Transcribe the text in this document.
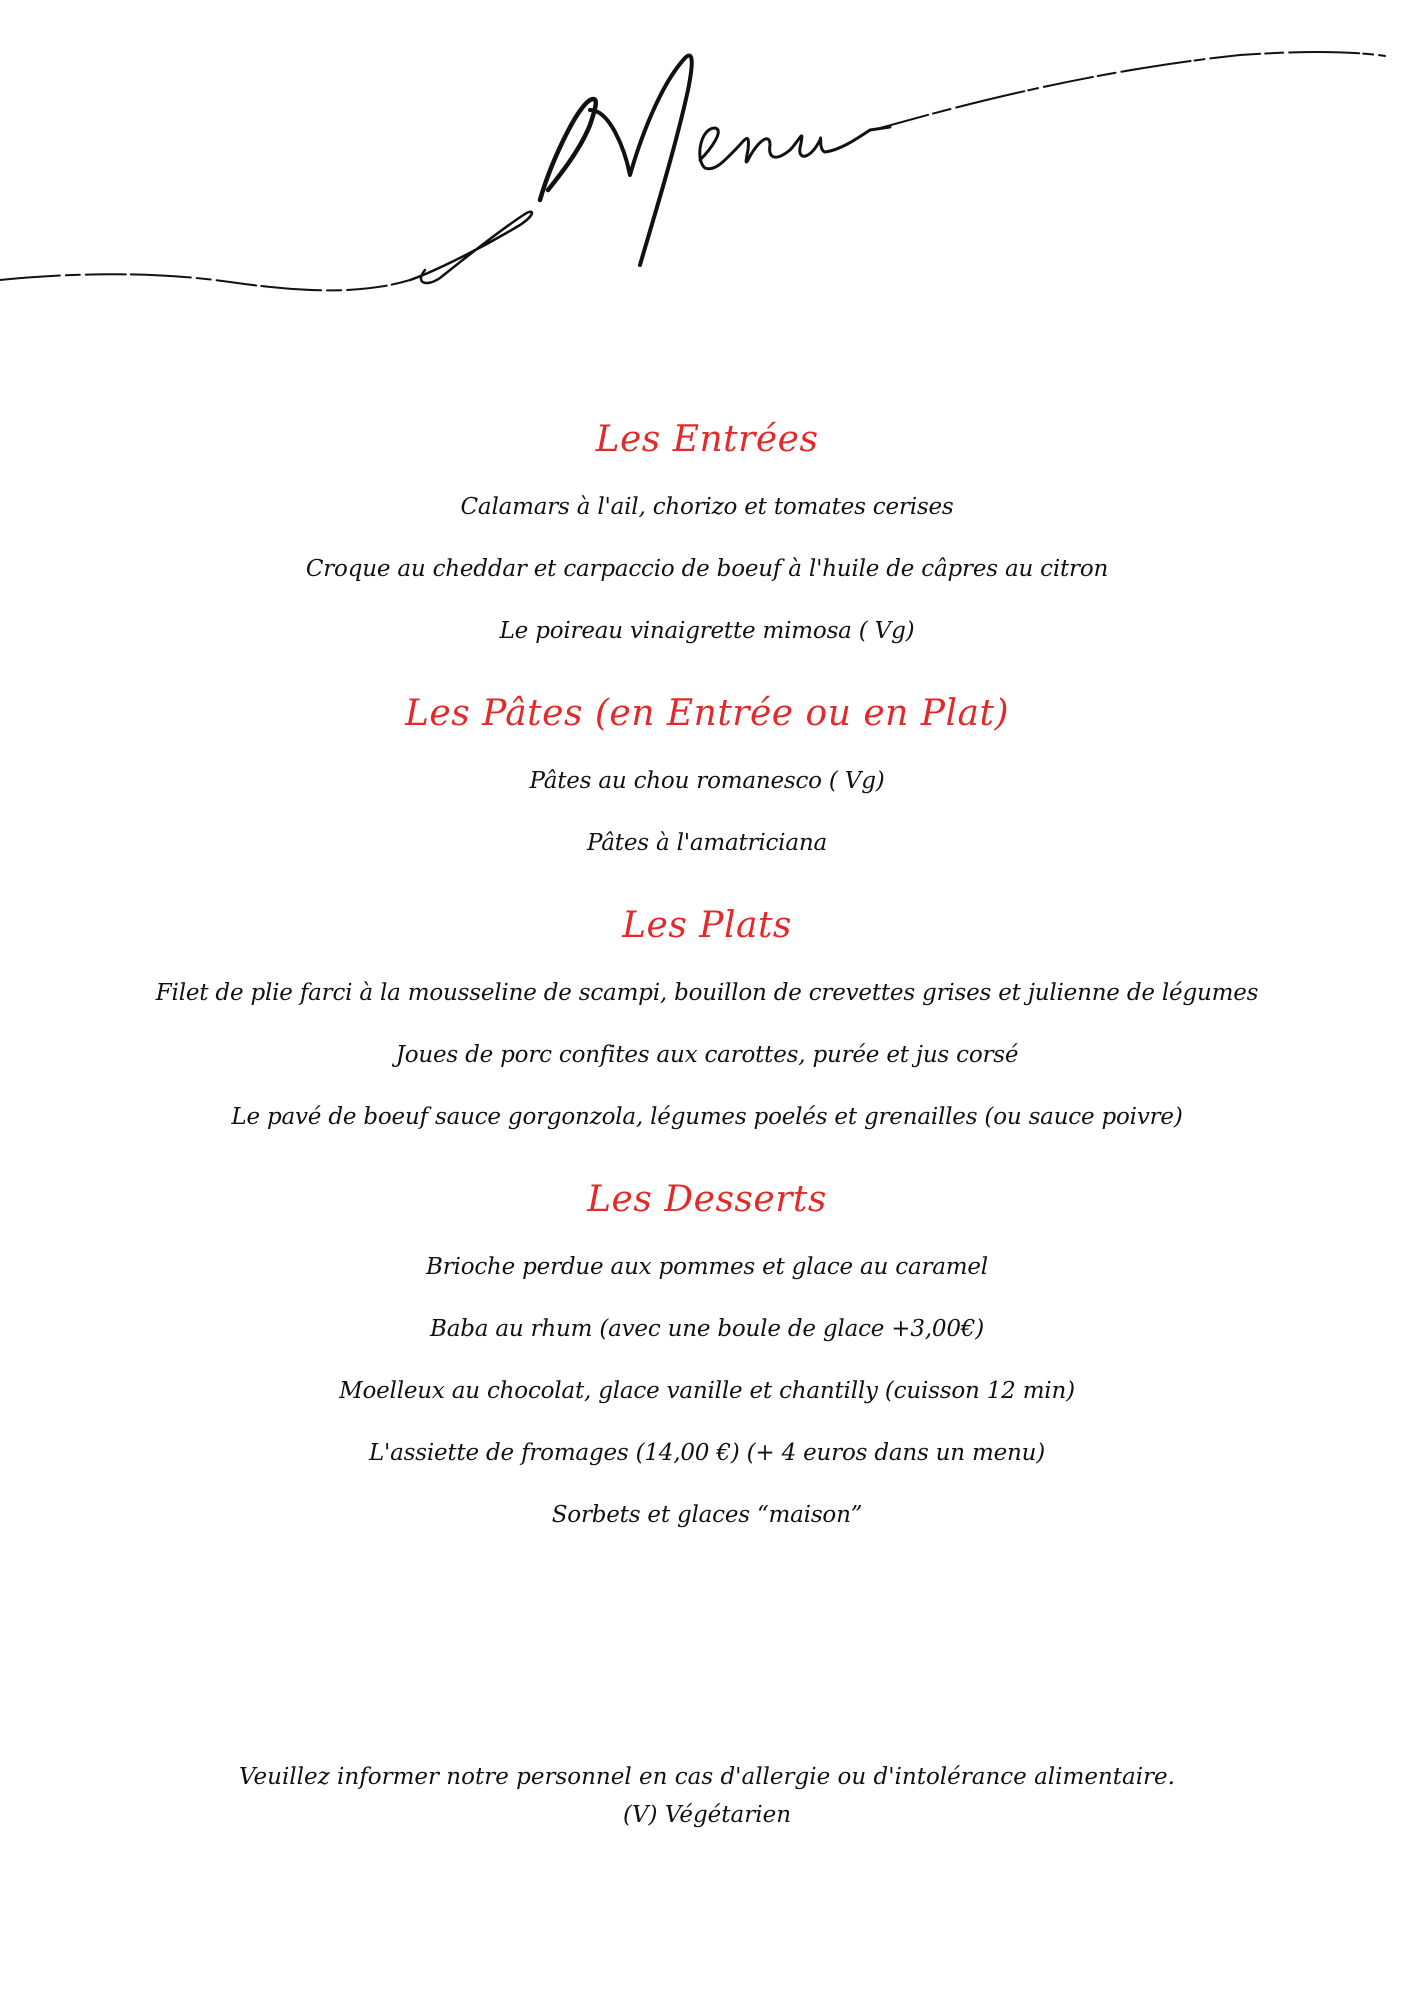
Les Entrées
Calamars à l'ail, chorizo et tomates cerises
Croque au cheddar et carpaccio de boeuf à l'huile de câpres au citron
Le poireau vinaigrette mimosa ( Vg)
Les Pâtes (en Entrée ou en Plat)
Pâtes au chou romanesco ( Vg)
Pâtes à l'amatriciana
Les Plats
Filet de plie farci à la mousseline de scampi, bouillon de crevettes grises et julienne de légumes
Joues de porc confites aux carottes, purée et jus corsé
Le pavé de boeuf sauce gorgonzola, légumes poelés et grenailles (ou sauce poivre)
Les Desserts
Brioche perdue aux pommes et glace au caramel
Baba au rhum (avec une boule de glace +3,00€)
Moelleux au chocolat, glace vanille et chantilly (cuisson 12 min)
L'assiette de fromages (14,00 €) (+ 4 euros dans un menu)
Sorbets et glaces “maison”

Veuillez informer notre personnel en cas d'allergie ou d'intolérance alimentaire.

(V) Végétarien
